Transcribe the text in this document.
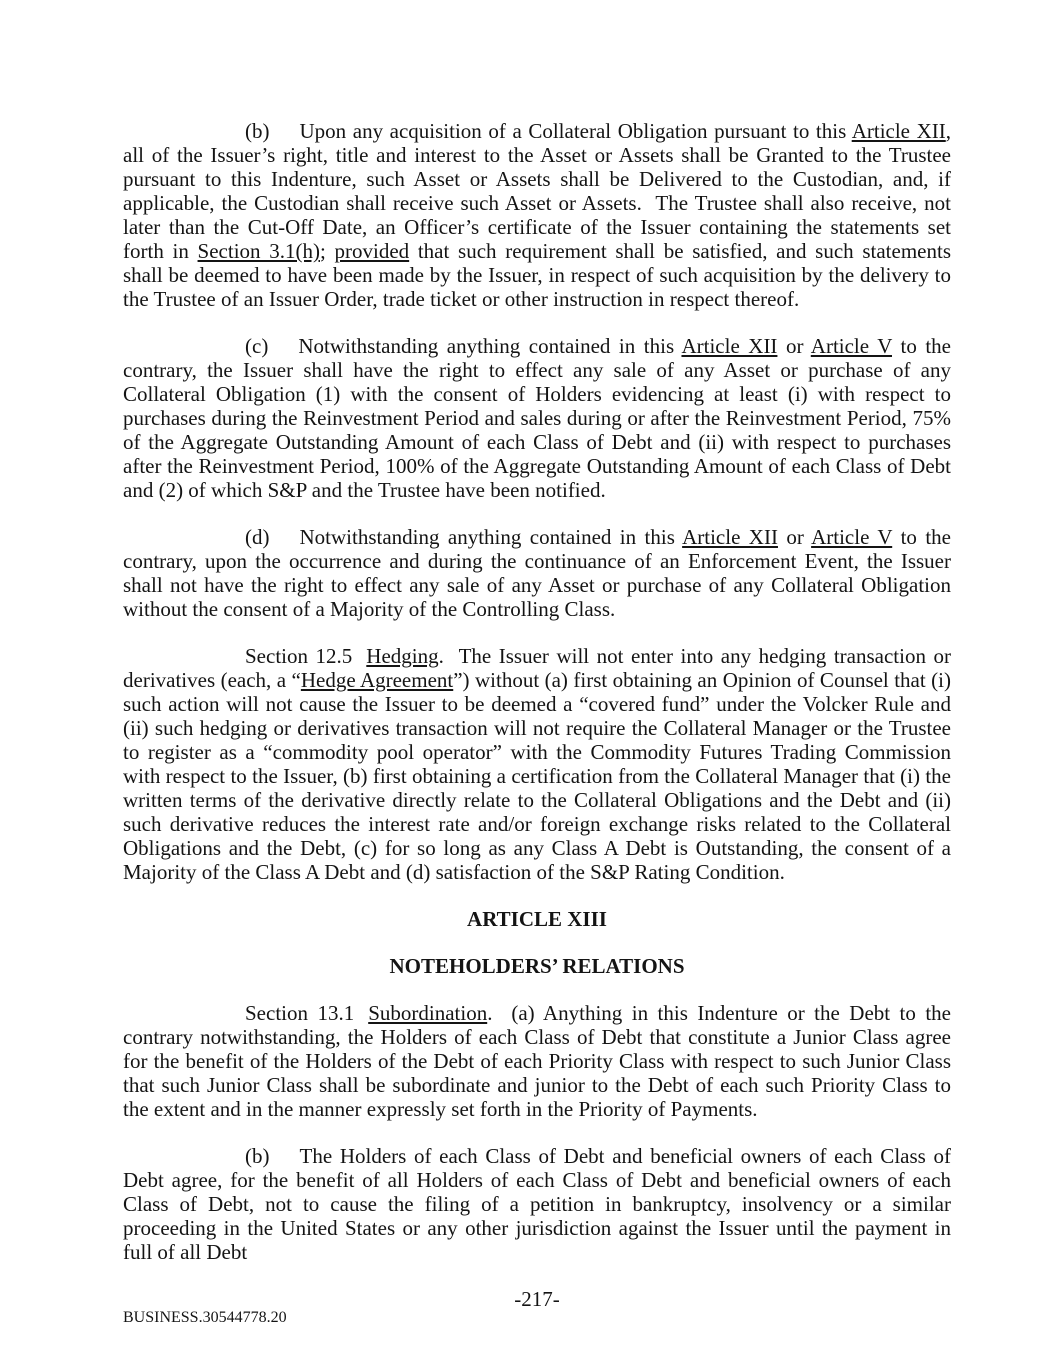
(b) Upon any acquisition of a Collateral Obligation pursuant to this Article XII, all of the Issuer’s right, title and interest to the Asset or Assets shall be Granted to the Trustee pursuant to this Indenture, such Asset or Assets shall be Delivered to the Custodian, and, if applicable, the Custodian shall receive such Asset or Assets.  The Trustee shall also receive, not later than the Cut-Off Date, an Officer’s certificate of the Issuer containing the statements set forth in Section 3.1(h); provided that such requirement shall be satisfied, and such statements shall be deemed to have been made by the Issuer, in respect of such acquisition by the delivery to the Trustee of an Issuer Order, trade ticket or other instruction in respect thereof.

(c) Notwithstanding anything contained in this Article XII or Article V to the contrary, the Issuer shall have the right to effect any sale of any Asset or purchase of any Collateral Obligation (1) with the consent of Holders evidencing at least (i) with respect to purchases during the Reinvestment Period and sales during or after the Reinvestment Period, 75% of the Aggregate Outstanding Amount of each Class of Debt and (ii) with respect to purchases after the Reinvestment Period, 100% of the Aggregate Outstanding Amount of each Class of Debt and (2) of which S&P and the Trustee have been notified.

(d) Notwithstanding anything contained in this Article XII or Article V to the contrary, upon the occurrence and during the continuance of an Enforcement Event, the Issuer shall not have the right to effect any sale of any Asset or purchase of any Collateral Obligation without the consent of a Majority of the Controlling Class.

Section 12.5 Hedging.  The Issuer will not enter into any hedging transaction or derivatives (each, a “Hedge Agreement”) without (a) first obtaining an Opinion of Counsel that (i) such action will not cause the Issuer to be deemed a “covered fund” under the Volcker Rule and (ii) such hedging or derivatives transaction will not require the Collateral Manager or the Trustee to register as a “commodity pool operator” with the Commodity Futures Trading Commission with respect to the Issuer, (b) first obtaining a certification from the Collateral Manager that (i) the written terms of the derivative directly relate to the Collateral Obligations and the Debt and (ii) such derivative reduces the interest rate and/or foreign exchange risks related to the Collateral Obligations and the Debt, (c) for so long as any Class A Debt is Outstanding, the consent of a Majority of the Class A Debt and (d) satisfaction of the S&P Rating Condition.

ARTICLE XIII

NOTEHOLDERS’ RELATIONS

Section 13.1 Subordination.  (a) Anything in this Indenture or the Debt to the contrary notwithstanding, the Holders of each Class of Debt that constitute a Junior Class agree for the benefit of the Holders of the Debt of each Priority Class with respect to such Junior Class that such Junior Class shall be subordinate and junior to the Debt of each such Priority Class to the extent and in the manner expressly set forth in the Priority of Payments.

(b) The Holders of each Class of Debt and beneficial owners of each Class of Debt agree, for the benefit of all Holders of each Class of Debt and beneficial owners of each Class of Debt, not to cause the filing of a petition in bankruptcy, insolvency or a similar proceeding in the United States or any other jurisdiction against the Issuer until the payment in full of all Debt

-217-

BUSINESS.30544778.20
